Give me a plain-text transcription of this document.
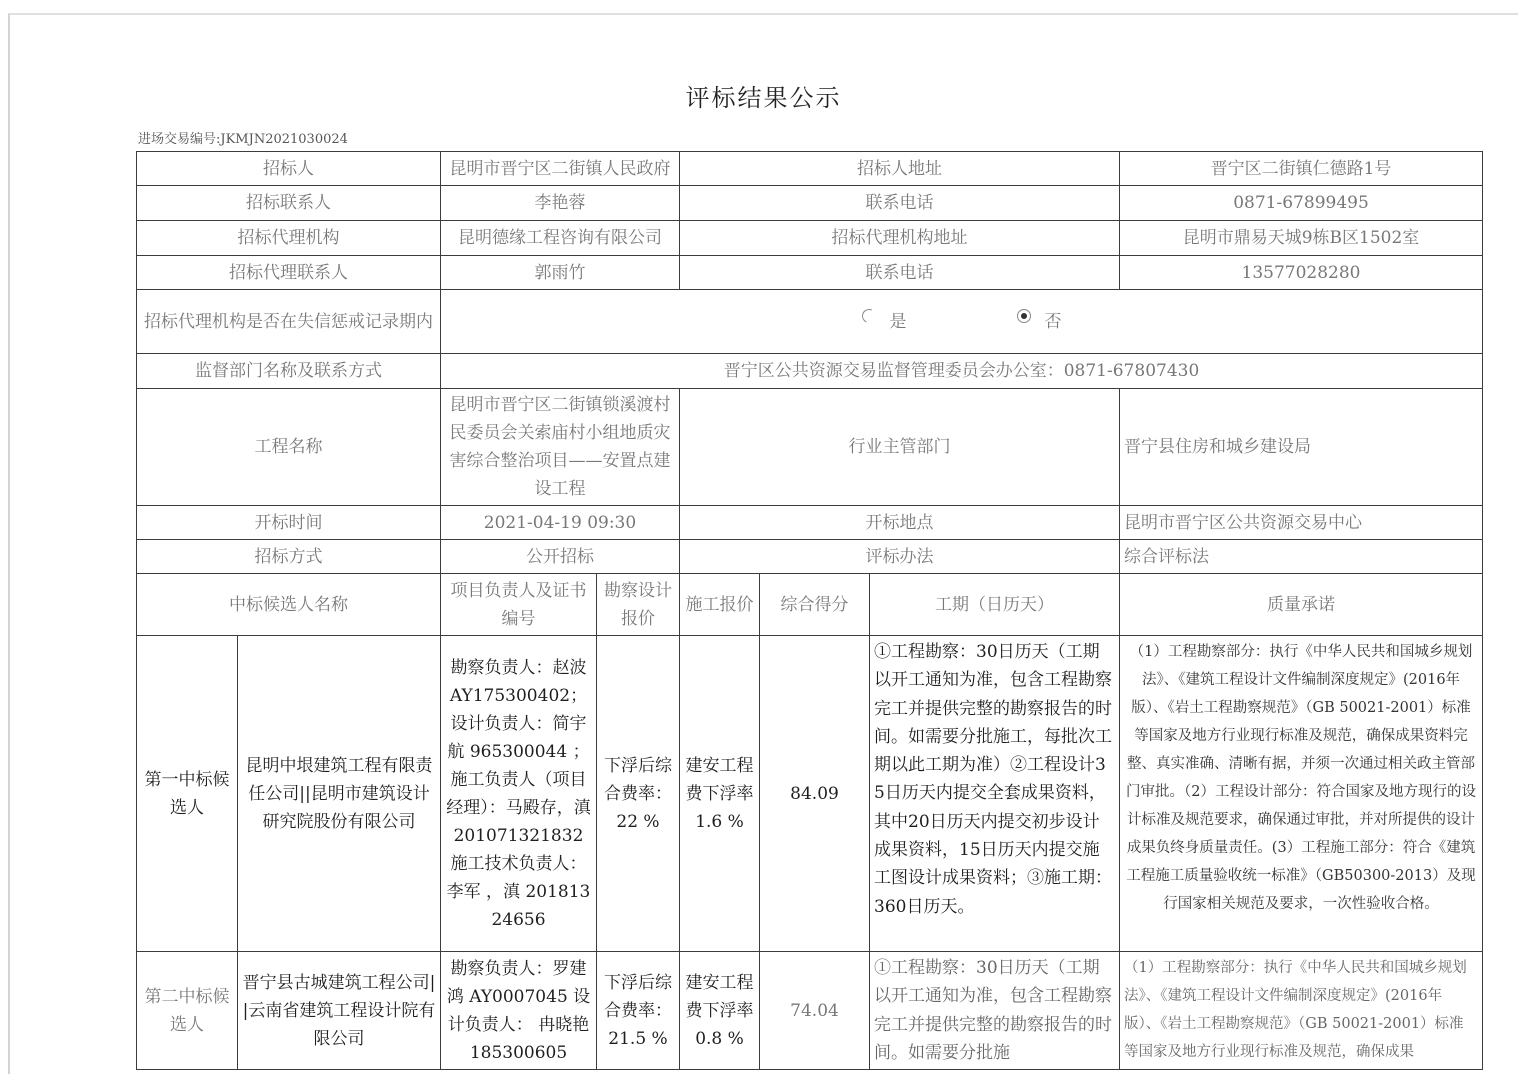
评标结果公示
进场交易编号:JKMJN2021030024
招标人		昆明市晋宁区二街镇人民政府		招标人地址			晋宁区二街镇仁德路1号
招标联系人		李艳蓉		联系电话			0871-67899495
招标代理机构		昆明德缘工程咨询有限公司		招标代理机构地址			昆明市鼎易天城9栋B区1502室
招标代理联系人		郭雨竹		联系电话			13577028280
招标代理机构是否在失信惩戒记录期内		是 否					

监督部门名称及联系方式		晋宁区公共资源交易监督管理委员会办公室：0871-67807430					
工程名称		昆明市晋宁区二街镇锁溪渡村民委员会关索庙村小组地质灾害综合整治项目——安置点建设工程		行业主管部门			晋宁县住房和城乡建设局
开标时间		2021-04-19 09:30		开标地点			昆明市晋宁区公共资源交易中心
招标方式		公开招标		评标办法			综合评标法
中标候选人名称		项目负责人及证书编号	勘察设计报价	施工报价	综合得分	工期（日历天）	质量承诺
第一中标候选人	昆明中垠建筑工程有限责任公司||昆明市建筑设计研究院股份有限公司	勘察负责人：赵波 AY175300402；设计负责人：简宇航 965300044 ；施工负责人（项目经理）：马殿存，滇 201071321832 施工技术负责人：李军 ，滇 20181324656	下浮后综合费率： 22 %	建安工程费下浮率 1.6 %	84.09	①工程勘察：30日历天（工期以开工通知为准，包含工程勘察完工并提供完整的勘察报告的时间。如需要分批施工，每批次工期以此工期为准）②工程设计35日历天内提交全套成果资料，其中20日历天内提交初步设计成果资料，15日历天内提交施工图设计成果资料；③施工期：360日历天。	（1）工程勘察部分：执行《中华人民共和国城乡规划法》、《建筑工程设计文件编制深度规定》(2016年版）、《岩土工程勘察规范》（GB 50021-2001）标准等国家及地方行业现行标准及规范，确保成果资料完整、真实准确、清晰有据，并须一次通过相关政主管部门审批。（2）工程设计部分：符合国家及地方现行的设计标准及规范要求，确保通过审批，并对所提供的设计成果负终身质量责任。(3）工程施工部分：符合《建筑工程施工质量验收统一标准》（GB50300-2013）及现行国家相关规范及要求，一次性验收合格。
第二中标候选人	晋宁县古城建筑工程公司||云南省建筑工程设计院有限公司	勘察负责人：罗建鸿 AY0007045 设计负责人： 冉晓艳 185300605	下浮后综合费率： 21.5 %	建安工程费下浮率 0.8 %	74.04	①工程勘察：30日历天（工期以开工通知为准，包含工程勘察完工并提供完整的勘察报告的时间。如需要分批施	（1）工程勘察部分：执行《中华人民共和国城乡规划法》、《建筑工程设计文件编制深度规定》(2016年版）、《岩土工程勘察规范》（GB 50021-2001）标准等国家及地方行业现行标准及规范，确保成果
